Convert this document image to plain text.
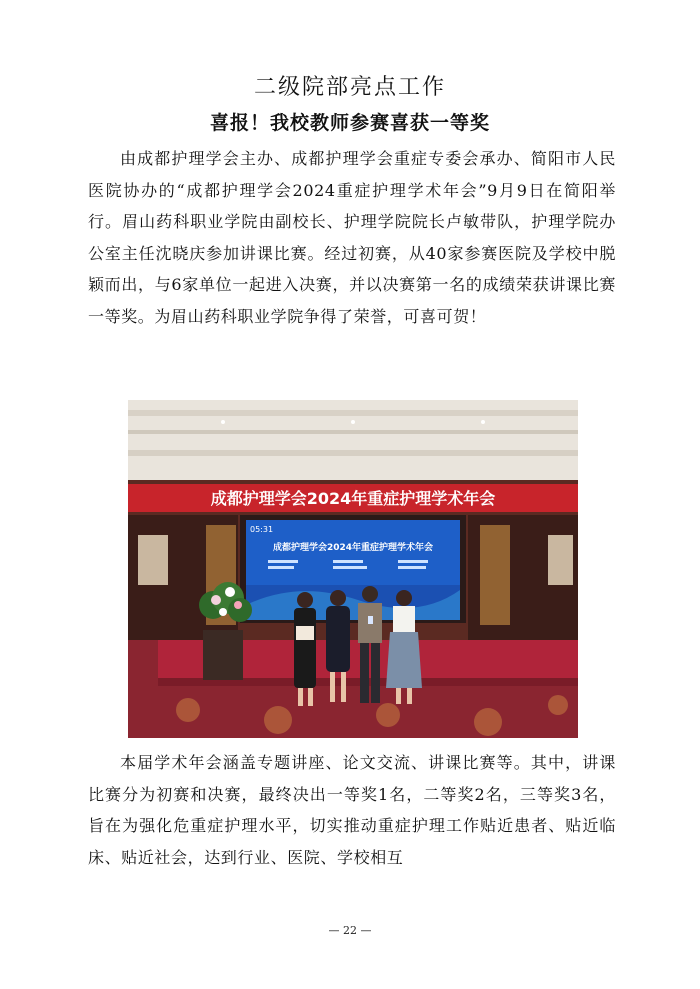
二级院部亮点工作
喜报！我校教师参赛喜获一等奖

由成都护理学会主办、成都护理学会重症专委会承办、简阳市人民医院协办的“成都护理学会2024重症护理学术年会”9月9日在简阳举行。眉山药科职业学院由副校长、护理学院院长卢敏带队，护理学院办公室主任沈晓庆参加讲课比赛。经过初赛，从40家参赛医院及学校中脱颖而出，与6家单位一起进入决赛，并以决赛第一名的成绩荣获讲课比赛一等奖。为眉山药科职业学院争得了荣誉，可喜可贺！

成都护理学会2024年重症护理学术年会
05:31
成都护理学会2024年重症护理学术年会

本届学术年会涵盖专题讲座、论文交流、讲课比赛等。其中，讲课比赛分为初赛和决赛，最终决出一等奖1名，二等奖2名，三等奖3名，旨在为强化危重症护理水平，切实推动重症护理工作贴近患者、贴近临床、贴近社会，达到行业、医院、学校相互

— 22 —
